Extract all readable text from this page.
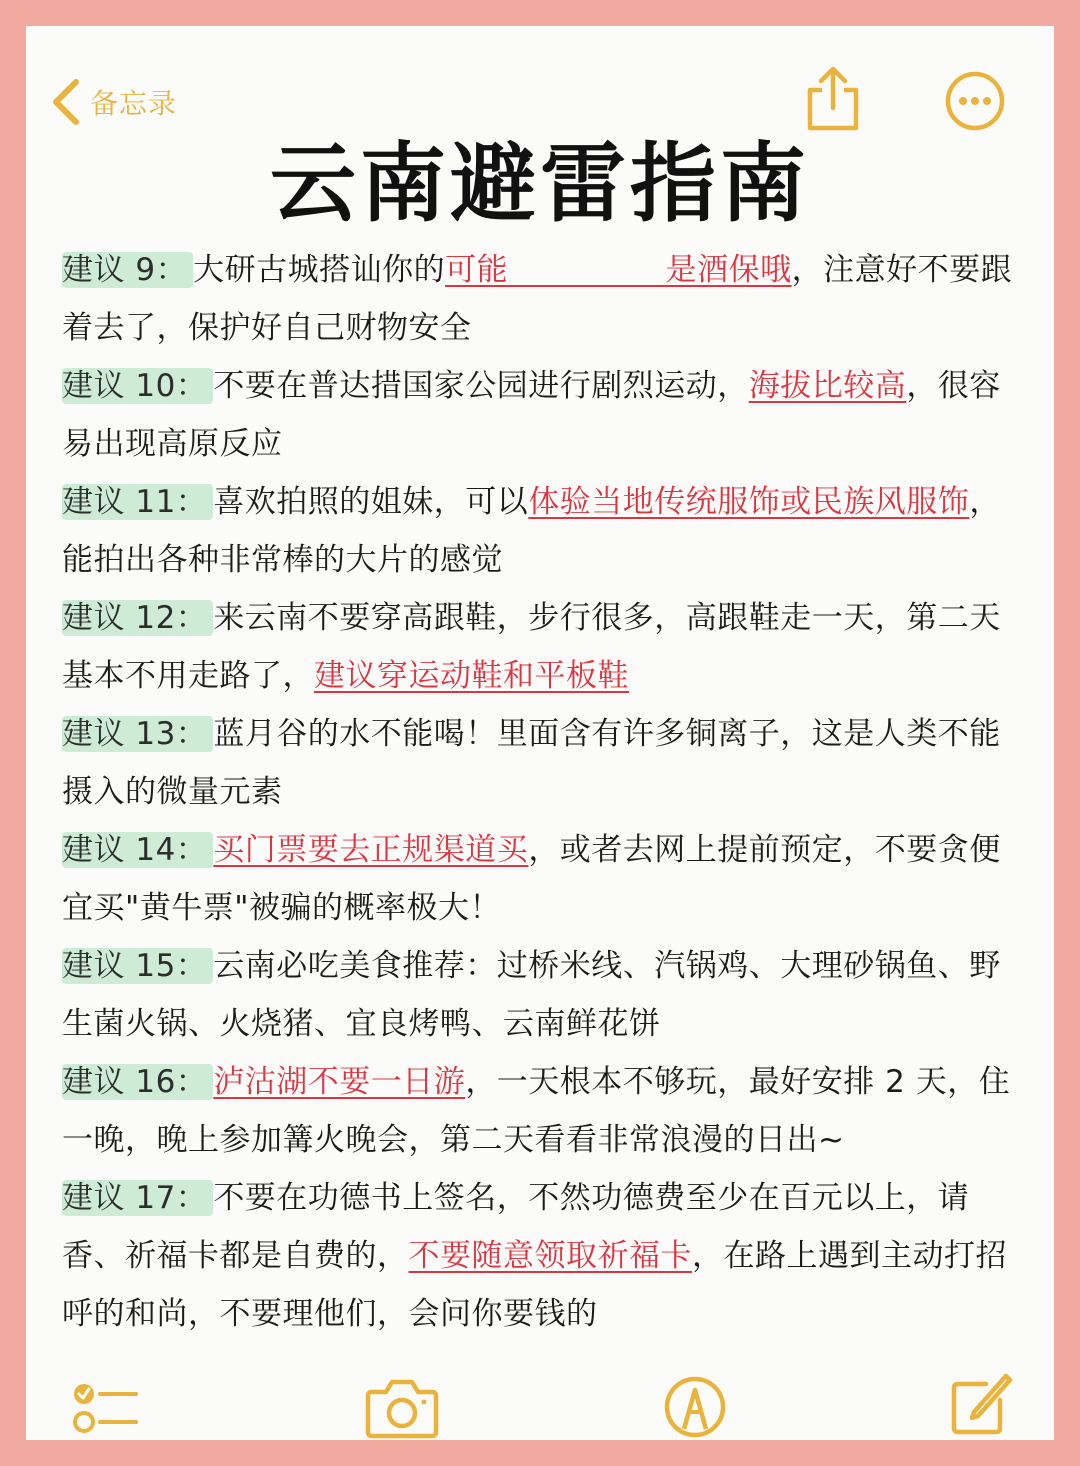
备忘录
云南避雷指南

建议 9： 大研古城搭讪你的可能　　　　　是酒保哦，注意好不要跟着去了，保护好自己财物安全

建议 10： 不要在普达措国家公园进行剧烈运动，海拔比较高，很容易出现高原反应

建议 11： 喜欢拍照的姐妹，可以体验当地传统服饰或民族风服饰，能拍出各种非常棒的大片的感觉

建议 12： 来云南不要穿高跟鞋，步行很多，高跟鞋走一天，第二天基本不用走路了，建议穿运动鞋和平板鞋

建议 13： 蓝月谷的水不能喝！里面含有许多铜离子，这是人类不能摄入的微量元素

建议 14： 买门票要去正规渠道买，或者去网上提前预定，不要贪便宜买"黄牛票"被骗的概率极大！

建议 15： 云南必吃美食推荐：过桥米线、汽锅鸡、大理砂锅鱼、野生菌火锅、火烧猪、宜良烤鸭、云南鲜花饼

建议 16： 泸沽湖不要一日游，一天根本不够玩，最好安排 2 天，住一晚，晚上参加篝火晚会，第二天看看非常浪漫的日出~

建议 17： 不要在功德书上签名，不然功德费至少在百元以上，请香、祈福卡都是自费的，不要随意领取祈福卡，在路上遇到主动打招呼的和尚，不要理他们，会问你要钱的
